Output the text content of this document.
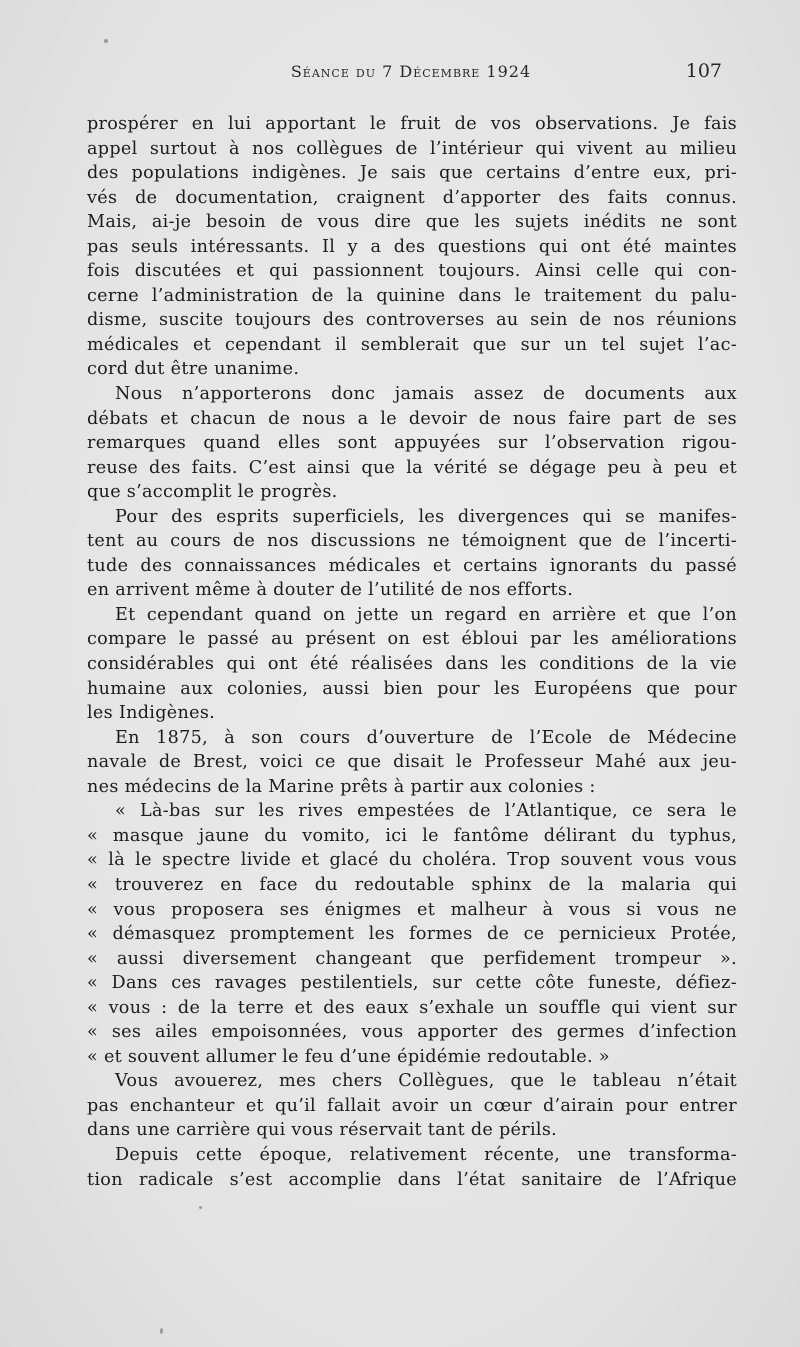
Séance du 7 Décembre 1924	107
prospérer en lui apportant le fruit de vos observations. Je fais
appel surtout à nos collègues de l’intérieur qui vivent au milieu
des populations indigènes. Je sais que certains d’entre eux, pri-
vés de documentation, craignent d’apporter des faits connus.
Mais, ai-je besoin de vous dire que les sujets inédits ne sont
pas seuls intéressants. Il y a des questions qui ont été maintes
fois discutées et qui passionnent toujours. Ainsi celle qui con-
cerne l’administration de la quinine dans le traitement du palu-
disme, suscite toujours des controverses au sein de nos réunions
médicales et cependant il semblerait que sur un tel sujet l’ac-
cord dut être unanime.
Nous n’apporterons donc jamais assez de documents aux
débats et chacun de nous a le devoir de nous faire part de ses
remarques quand elles sont appuyées sur l’observation rigou-
reuse des faits. C’est ainsi que la vérité se dégage peu à peu et
que s’accomplit le progrès.
Pour des esprits superficiels, les divergences qui se manifes-
tent au cours de nos discussions ne témoignent que de l’incerti-
tude des connaissances médicales et certains ignorants du passé
en arrivent même à douter de l’utilité de nos efforts.
Et cependant quand on jette un regard en arrière et que l’on
compare le passé au présent on est ébloui par les améliorations
considérables qui ont été réalisées dans les conditions de la vie
humaine aux colonies, aussi bien pour les Européens que pour
les Indigènes.
En 1875, à son cours d’ouverture de l’Ecole de Médecine
navale de Brest, voici ce que disait le Professeur Mahé aux jeu-
nes médecins de la Marine prêts à partir aux colonies :
« Là-bas sur les rives empestées de l’Atlantique, ce sera le
« masque jaune du vomito, ici le fantôme délirant du typhus,
« là le spectre livide et glacé du choléra. Trop souvent vous vous
« trouverez en face du redoutable sphinx de la malaria qui
« vous proposera ses énigmes et malheur à vous si vous ne
« démasquez promptement les formes de ce pernicieux Protée,
« aussi diversement changeant que perfidement trompeur ».
« Dans ces ravages pestilentiels, sur cette côte funeste, défiez-
« vous : de la terre et des eaux s’exhale un souffle qui vient sur
« ses ailes empoisonnées, vous apporter des germes d’infection
« et souvent allumer le feu d’une épidémie redoutable. »
Vous avouerez, mes chers Collègues, que le tableau n’était
pas enchanteur et qu’il fallait avoir un cœur d’airain pour entrer
dans une carrière qui vous réservait tant de périls.
Depuis cette époque, relativement récente, une transforma-
tion radicale s’est accomplie dans l’état sanitaire de l’Afrique
